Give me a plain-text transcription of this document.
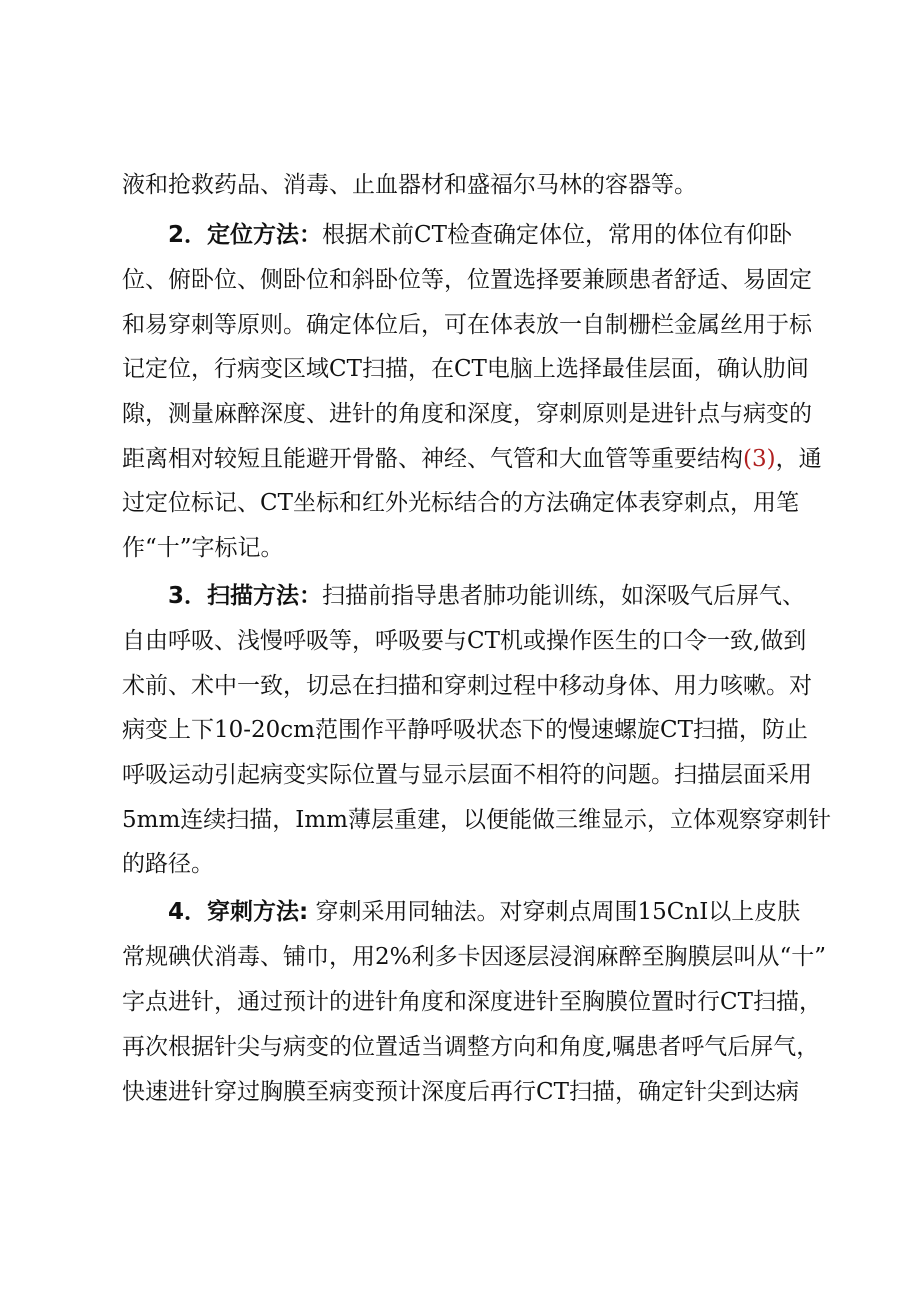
液和抢救药品、消毒、止血器材和盛福尔马林的容器等。
2．定位方法：根据术前CT检查确定体位，常用的体位有仰卧
位、俯卧位、侧卧位和斜卧位等，位置选择要兼顾患者舒适、易固定
和易穿刺等原则。确定体位后，可在体表放一自制栅栏金属丝用于标
记定位，行病变区域CT扫描，在CT电脑上选择最佳层面，确认肋间
隙，测量麻醉深度、进针的角度和深度，穿刺原则是进针点与病变的
距离相对较短且能避开骨骼、神经、气管和大血管等重要结构(3)，通
过定位标记、CT坐标和红外光标结合的方法确定体表穿刺点，用笔
作“十”字标记。
3．扫描方法：扫描前指导患者肺功能训练，如深吸气后屏气、
自由呼吸、浅慢呼吸等，呼吸要与CT机或操作医生的口令一致,做到
术前、术中一致，切忌在扫描和穿刺过程中移动身体、用力咳嗽。对
病变上下10-20cm范围作平静呼吸状态下的慢速螺旋CT扫描，防止
呼吸运动引起病变实际位置与显示层面不相符的问题。扫描层面采用
5mm连续扫描，Imm薄层重建，以便能做三维显示，立体观察穿刺针
的路径。
4．穿刺方法: 穿刺采用同轴法。对穿刺点周围15CnI以上皮肤
常规碘伏消毒、铺巾，用2%利多卡因逐层浸润麻醉至胸膜层叫从“十”
字点进针，通过预计的进针角度和深度进针至胸膜位置时行CT扫描，
再次根据针尖与病变的位置适当调整方向和角度,嘱患者呼气后屏气，
快速进针穿过胸膜至病变预计深度后再行CT扫描，确定针尖到达病
